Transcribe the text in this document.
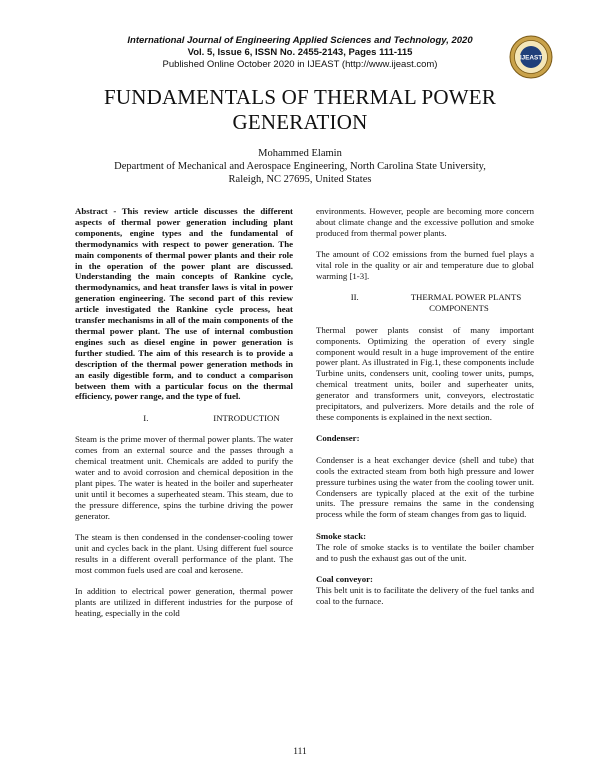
International Journal of Engineering Applied Sciences and Technology, 2020
Vol. 5, Issue 6, ISSN No. 2455-2143, Pages 111-115
Published Online October 2020 in IJEAST (http://www.ijeast.com)
IJEAST
FUNDAMENTALS OF THERMAL POWER
GENERATION
Mohammed Elamin
Department of Mechanical and Aerospace Engineering, North Carolina State University,
Raleigh, NC 27695, United States

Abstract - This review article discusses the different aspects of thermal power generation including plant components, engine types and the fundamental of thermodynamics with respect to power generation. The main components of thermal power plants and their role in the operation of the power plant are discussed. Understanding the main concepts of Rankine cycle, thermodynamics, and heat transfer laws is vital in power generation engineering. The second part of this review article investigated the Rankine cycle process, heat transfer mechanisms in all of the main components of the thermal power plant. The use of internal combustion engines such as diesel engine in power generation is further studied. The aim of this research is to provide a description of the thermal power generation methods in an easily digestible form, and to conduct a comparison between them with a particular focus on the thermal efficiency, power range, and the type of fuel.

I.	INTRODUCTION

Steam is the prime mover of thermal power plants. The water comes from an external source and the passes through a chemical treatment unit. Chemicals are added to purify the water and to avoid corrosion and chemical deposition in the plant pipes. The water is heated in the boiler and superheater unit until it becomes a superheated steam. This steam, due to the pressure difference, spins the turbine driving the power generator.

The steam is then condensed in the condenser-cooling tower unit and cycles back in the plant. Using different fuel source results in a different overall performance of the plant. The most common fuels used are coal and kerosene.

In addition to electrical power generation, thermal power plants are utilized in different industries for the purpose of heating, especially in the cold

environments. However, people are becoming more concern about climate change and the excessive pollution and smoke produced from thermal power plants.

The amount of CO2 emissions from the burned fuel plays a vital role in the quality or air and temperature due to global warming [1-3].

II.	THERMAL POWER PLANTS
COMPONENTS

Thermal power plants consist of many important components. Optimizing the operation of every single component would result in a huge improvement of the entire power plant. As illustrated in Fig.1, these components include Turbine units, condensers unit, cooling tower units, pumps, chemical treatment units, boiler and superheater units, generator and transformers unit, conveyors, electrostatic precipitators, and pulverizers. More details and the role of these components is explained in the next section.

Condenser:

Condenser is a heat exchanger device (shell and tube) that cools the extracted steam from both high pressure and lower pressure turbines using the water from the cooling tower unit. Condensers are typically placed at the exit of the turbine units. The pressure remains the same in the condensing process while the form of steam changes from gas to liquid.

Smoke stack:

The role of smoke stacks is to ventilate the boiler chamber and to push the exhaust gas out of the unit.

Coal conveyor:

This belt unit is to facilitate the delivery of the fuel tanks and coal to the furnace.

111
